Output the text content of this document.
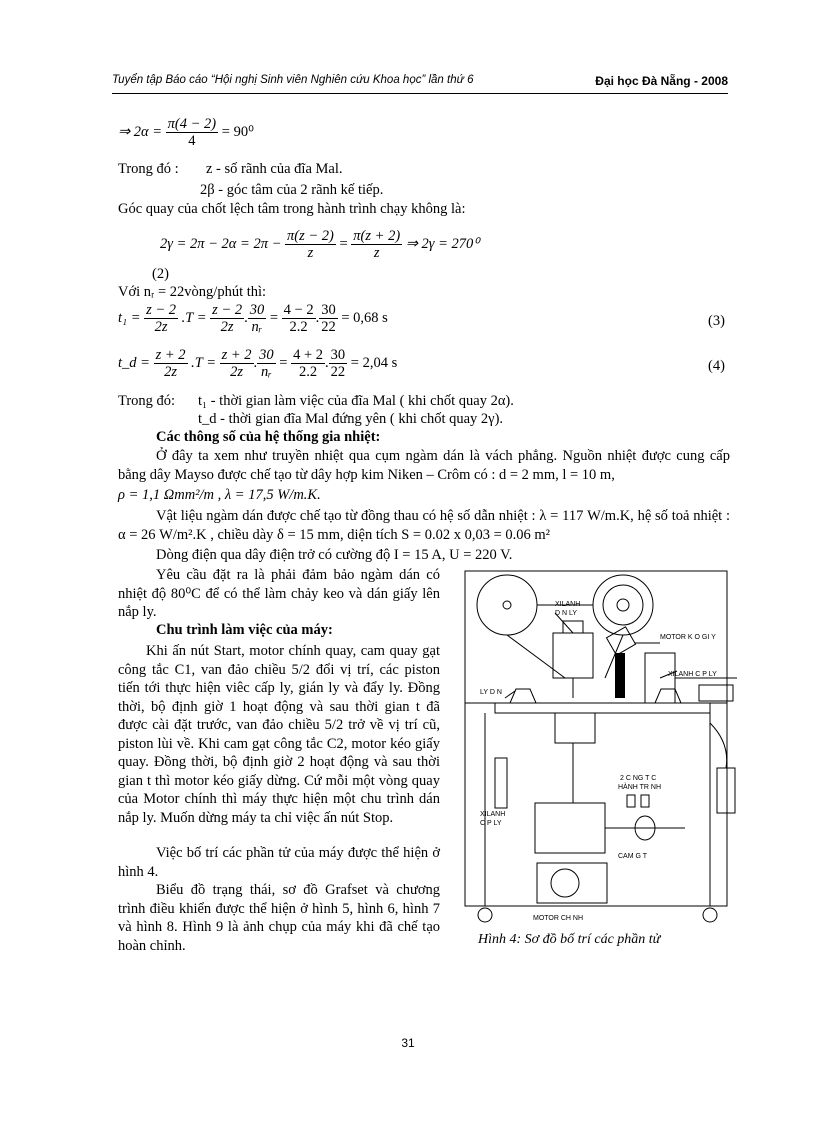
Tuyển tập Báo cáo “Hội nghị Sinh viên Nghiên cứu Khoa học” lần thứ 6	Đại học Đà Nẵng - 2008
⇒ $2\alpha = \frac{\pi(4 - 2)}{4} = 90^0$
Trong đó : z - số rãnh của đĩa Mal.
2β - góc tâm của 2 rãnh kế tiếp.
Góc quay của chốt lệch tâm trong hành trình chạy không là:
$2\gamma = 2\pi - 2\alpha = 2\pi - \frac{\pi(z - 2)}{z} = \frac{\pi(z + 2)}{z}$ ⇒ 2γ = 270⁰
(2)
Với nᵣ = 22vòng/phút thì:
$t_1 = \frac{z - 2}{2z} .T = \frac{z - 2}{2z}$ . $\frac{30}{\text{nᵣ}} = \frac{4 - 2}{2.2}$ . $\frac{30}{22} = 0,68$ s	(3)
t_d = $\frac{z + 2}{2z} .T = \frac{z + 2}{2z}$ . $\frac{30}{\text{nᵣ}} = \frac{4 + 2}{2.2}$ . $\frac{30}{22} = 2,04$ s	(4)
Trong đó: t₁ - thời gian làm việc của đĩa Mal ( khi chốt quay 2α).
t_d - thời gian đĩa Mal đứng yên ( khi chốt quay 2γ).
Các thông số của hệ thống gia nhiệt:
Ở đây ta xem như truyền nhiệt qua cụm ngàm dán là vách phẳng. Nguồn nhiệt được cung cấp bằng dây Mayso được chế tạo từ dây hợp kim Niken – Crôm có : d = 2 mm, l = 10 m,
ρ = 1,1 Ωmm²/m , λ = 17,5 W/m.K.
Vật liệu ngàm dán được chế tạo từ đồng thau có hệ số dẫn nhiệt : λ = 117 W/m.K, hệ số toả nhiệt : α = 26 W/m².K , chiều dày δ = 15 mm, diện tích S = 0.02 x 0,03 = 0.06 m²
Dòng điện qua dây điện trở có cường độ I = 15 A, U = 220 V.
Yêu cầu đặt ra là phải đảm bảo ngàm dán có nhiệt độ 80⁰C để có thể làm chảy keo và dán giấy lên nắp ly.
Chu trình làm việc của máy:
Khi ấn nút Start, motor chính quay, cam quay gạt công tắc C1, van đảo chiều 5/2 đổi vị trí, các piston tiến tới thực hiện viêc cấp ly, gián ly và đẩy ly. Đồng thời, bộ định giờ 1 hoạt động và sau thời gian t đã được cài đặt trước, van đảo chiều 5/2 trở về vị trí cũ, piston lùi về. Khi cam gạt công tắc C2, motor kéo giấy quay. Đồng thời, bộ định giờ 2 hoạt động và sau thời gian t thì motor kéo giấy dừng. Cứ mỗi một vòng quay của Motor chính thì máy thực hiện một chu trình dán nắp ly. Muốn dừng máy ta chỉ việc ấn nút Stop.
Việc bố trí các phần tử của máy được thể hiện ở hình 4.
Biểu đồ trạng thái, sơ đồ Grafset và chương trình điều khiển được thể hiện ở hình 5, hình 6, hình 7 và hình 8. Hình 9 là ảnh chụp của máy khi đã chế tạo hoàn chỉnh.
XILANH
D N LY
MOTOR K O GI Y
XILANH C P LY
LY D N
2 C NG T C
HÀNH TR NH
XILANH
C P LY
CAM G T
MOTOR CH NH
Hình 4: Sơ đồ bố trí các phần tử
31
